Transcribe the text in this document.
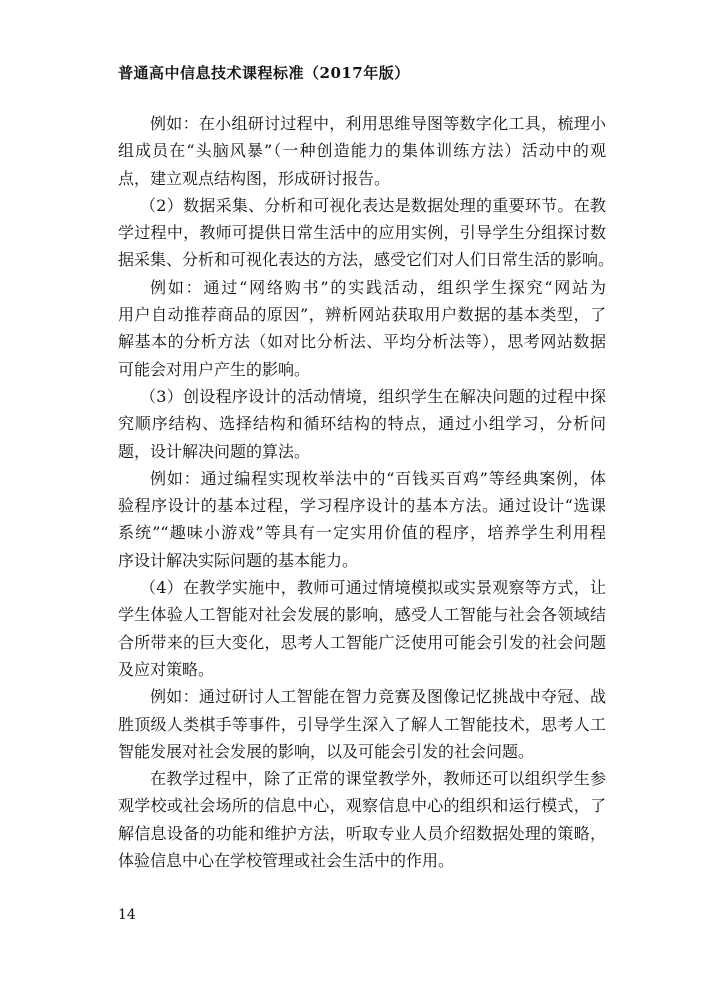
普通高中信息技术课程标准（2017年版）
例如：在小组研讨过程中，利用思维导图等数字化工具，梳理小
组成员在“头脑风暴”（一种创造能力的集体训练方法）活动中的观
点，建立观点结构图，形成研讨报告。
（2）数据采集、分析和可视化表达是数据处理的重要环节。在教
学过程中，教师可提供日常生活中的应用实例，引导学生分组探讨数
据采集、分析和可视化表达的方法，感受它们对人们日常生活的影响。
例如：通过“网络购书”的实践活动，组织学生探究“网站为
用户自动推荐商品的原因”，辨析网站获取用户数据的基本类型，了
解基本的分析方法（如对比分析法、平均分析法等），思考网站数据
可能会对用户产生的影响。
（3）创设程序设计的活动情境，组织学生在解决问题的过程中探
究顺序结构、选择结构和循环结构的特点，通过小组学习，分析问
题，设计解决问题的算法。
例如：通过编程实现枚举法中的“百钱买百鸡”等经典案例，体
验程序设计的基本过程，学习程序设计的基本方法。通过设计“选课
系统”“趣味小游戏”等具有一定实用价值的程序，培养学生利用程
序设计解决实际问题的基本能力。
（4）在教学实施中，教师可通过情境模拟或实景观察等方式，让
学生体验人工智能对社会发展的影响，感受人工智能与社会各领域结
合所带来的巨大变化，思考人工智能广泛使用可能会引发的社会问题
及应对策略。
例如：通过研讨人工智能在智力竞赛及图像记忆挑战中夺冠、战
胜顶级人类棋手等事件，引导学生深入了解人工智能技术，思考人工
智能发展对社会发展的影响，以及可能会引发的社会问题。
在教学过程中，除了正常的课堂教学外，教师还可以组织学生参
观学校或社会场所的信息中心，观察信息中心的组织和运行模式，了
解信息设备的功能和维护方法，听取专业人员介绍数据处理的策略，
体验信息中心在学校管理或社会生活中的作用。
14
